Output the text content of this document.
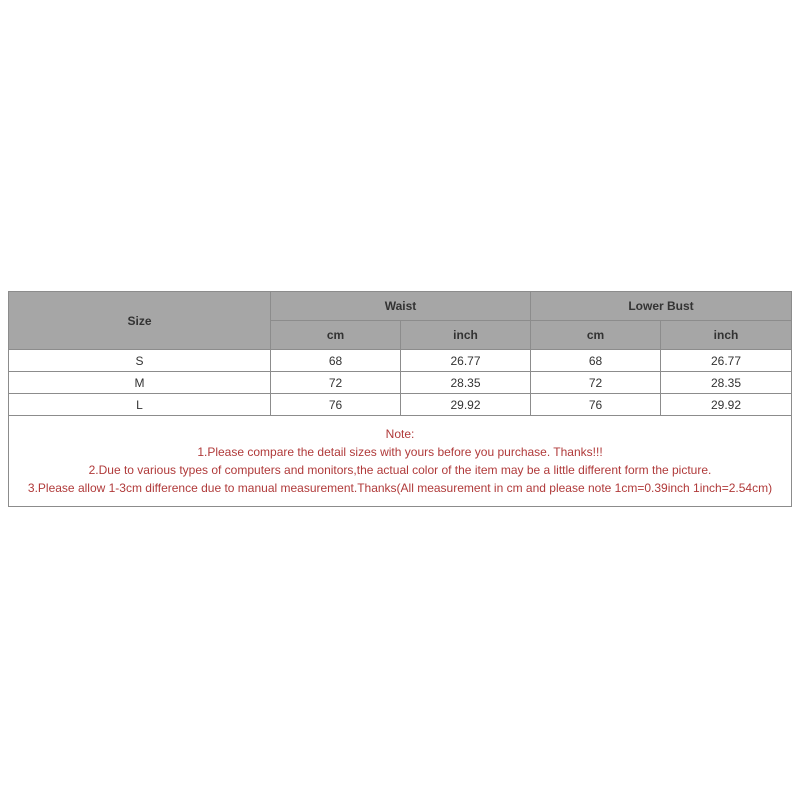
Size	Waist		Lower Bust	
	cm	inch	cm	inch
S	68	26.77	68	26.77
M	72	28.35	72	28.35
L	76	29.92	76	29.92

Note:
1.Please compare the detail sizes with yours before you purchase. Thanks!!!
2.Due to various types of computers and monitors,the actual color of the item may be a little different form the picture.
3.Please allow 1-3cm difference due to manual measurement.Thanks(All measurement in cm and please note 1cm=0.39inch 1inch=2.54cm)				
